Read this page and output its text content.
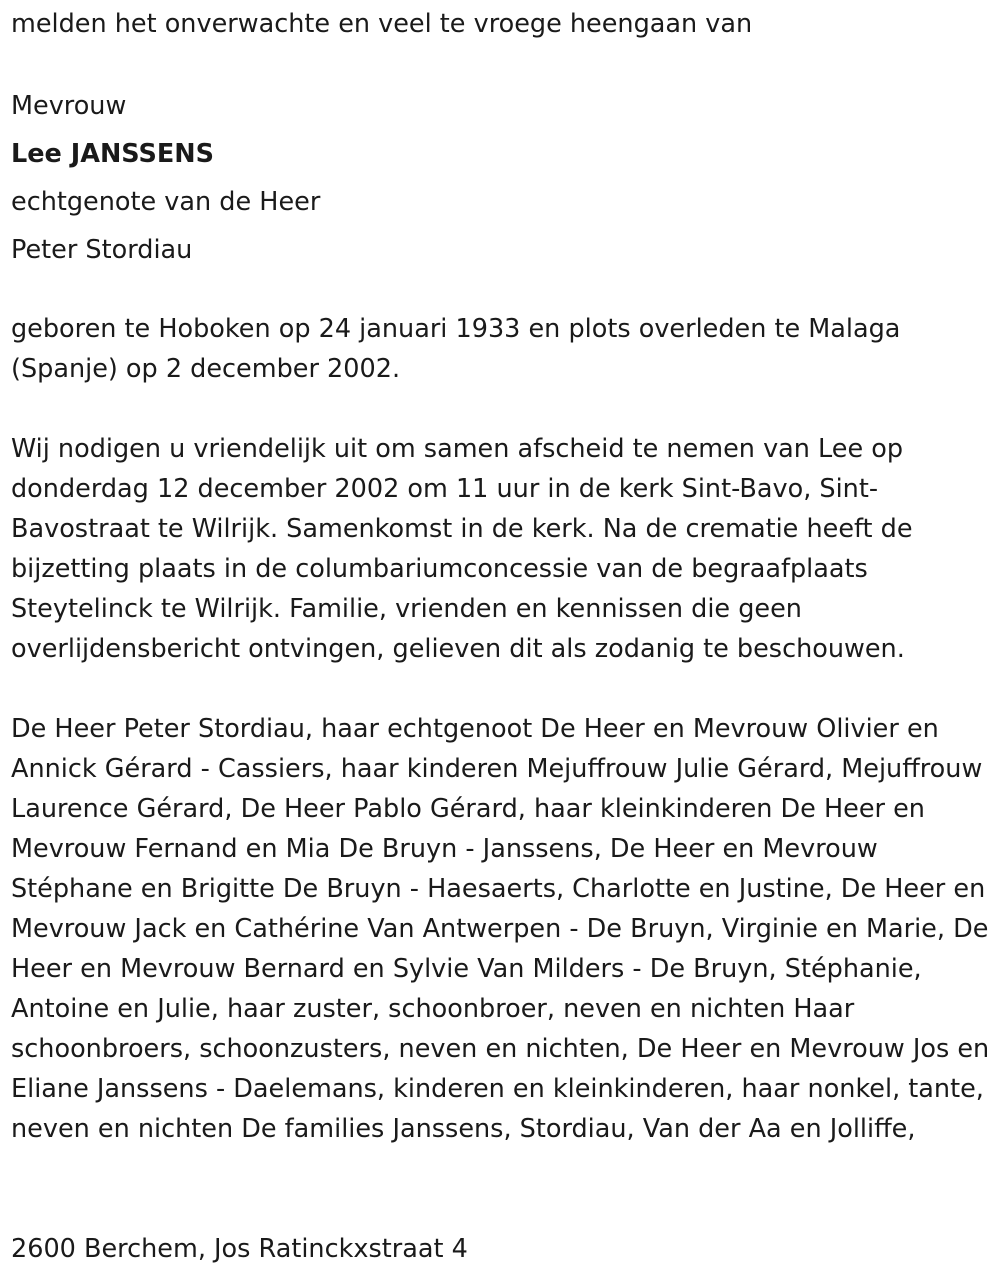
melden het onverwachte en veel te vroege heengaan van

Mevrouw

Lee JANSSENS

echtgenote van de Heer

Peter Stordiau

geboren te Hoboken op 24 januari 1933 en plots overleden te Malaga (Spanje) op 2 december 2002.

Wij nodigen u vriendelijk uit om samen afscheid te nemen van Lee op donderdag 12 december 2002 om 11 uur in de kerk Sint-Bavo, Sint-Bavostraat te Wilrijk. Samenkomst in de kerk. Na de crematie heeft de bijzetting plaats in de columbariumconcessie van de begraafplaats Steytelinck te Wilrijk. Familie, vrienden en kennissen die geen overlijdensbericht ontvingen, gelieven dit als zodanig te beschouwen.

De Heer Peter Stordiau, haar echtgenoot De Heer en Mevrouw Olivier en Annick Gérard - Cassiers, haar kinderen Mejuffrouw Julie Gérard, Mejuffrouw Laurence Gérard, De Heer Pablo Gérard, haar kleinkinderen De Heer en Mevrouw Fernand en Mia De Bruyn - Janssens, De Heer en Mevrouw Stéphane en Brigitte De Bruyn - Haesaerts, Charlotte en Justine, De Heer en Mevrouw Jack en Cathérine Van Antwerpen - De Bruyn, Virginie en Marie, De Heer en Mevrouw Bernard en Sylvie Van Milders - De Bruyn, Stéphanie, Antoine en Julie, haar zuster, schoonbroer, neven en nichten Haar schoonbroers, schoonzusters, neven en nichten, De Heer en Mevrouw Jos en Eliane Janssens - Daelemans, kinderen en kleinkinderen, haar nonkel, tante, neven en nichten De families Janssens, Stordiau, Van der Aa en Jolliffe,

2600 Berchem, Jos Ratinckxstraat 4
